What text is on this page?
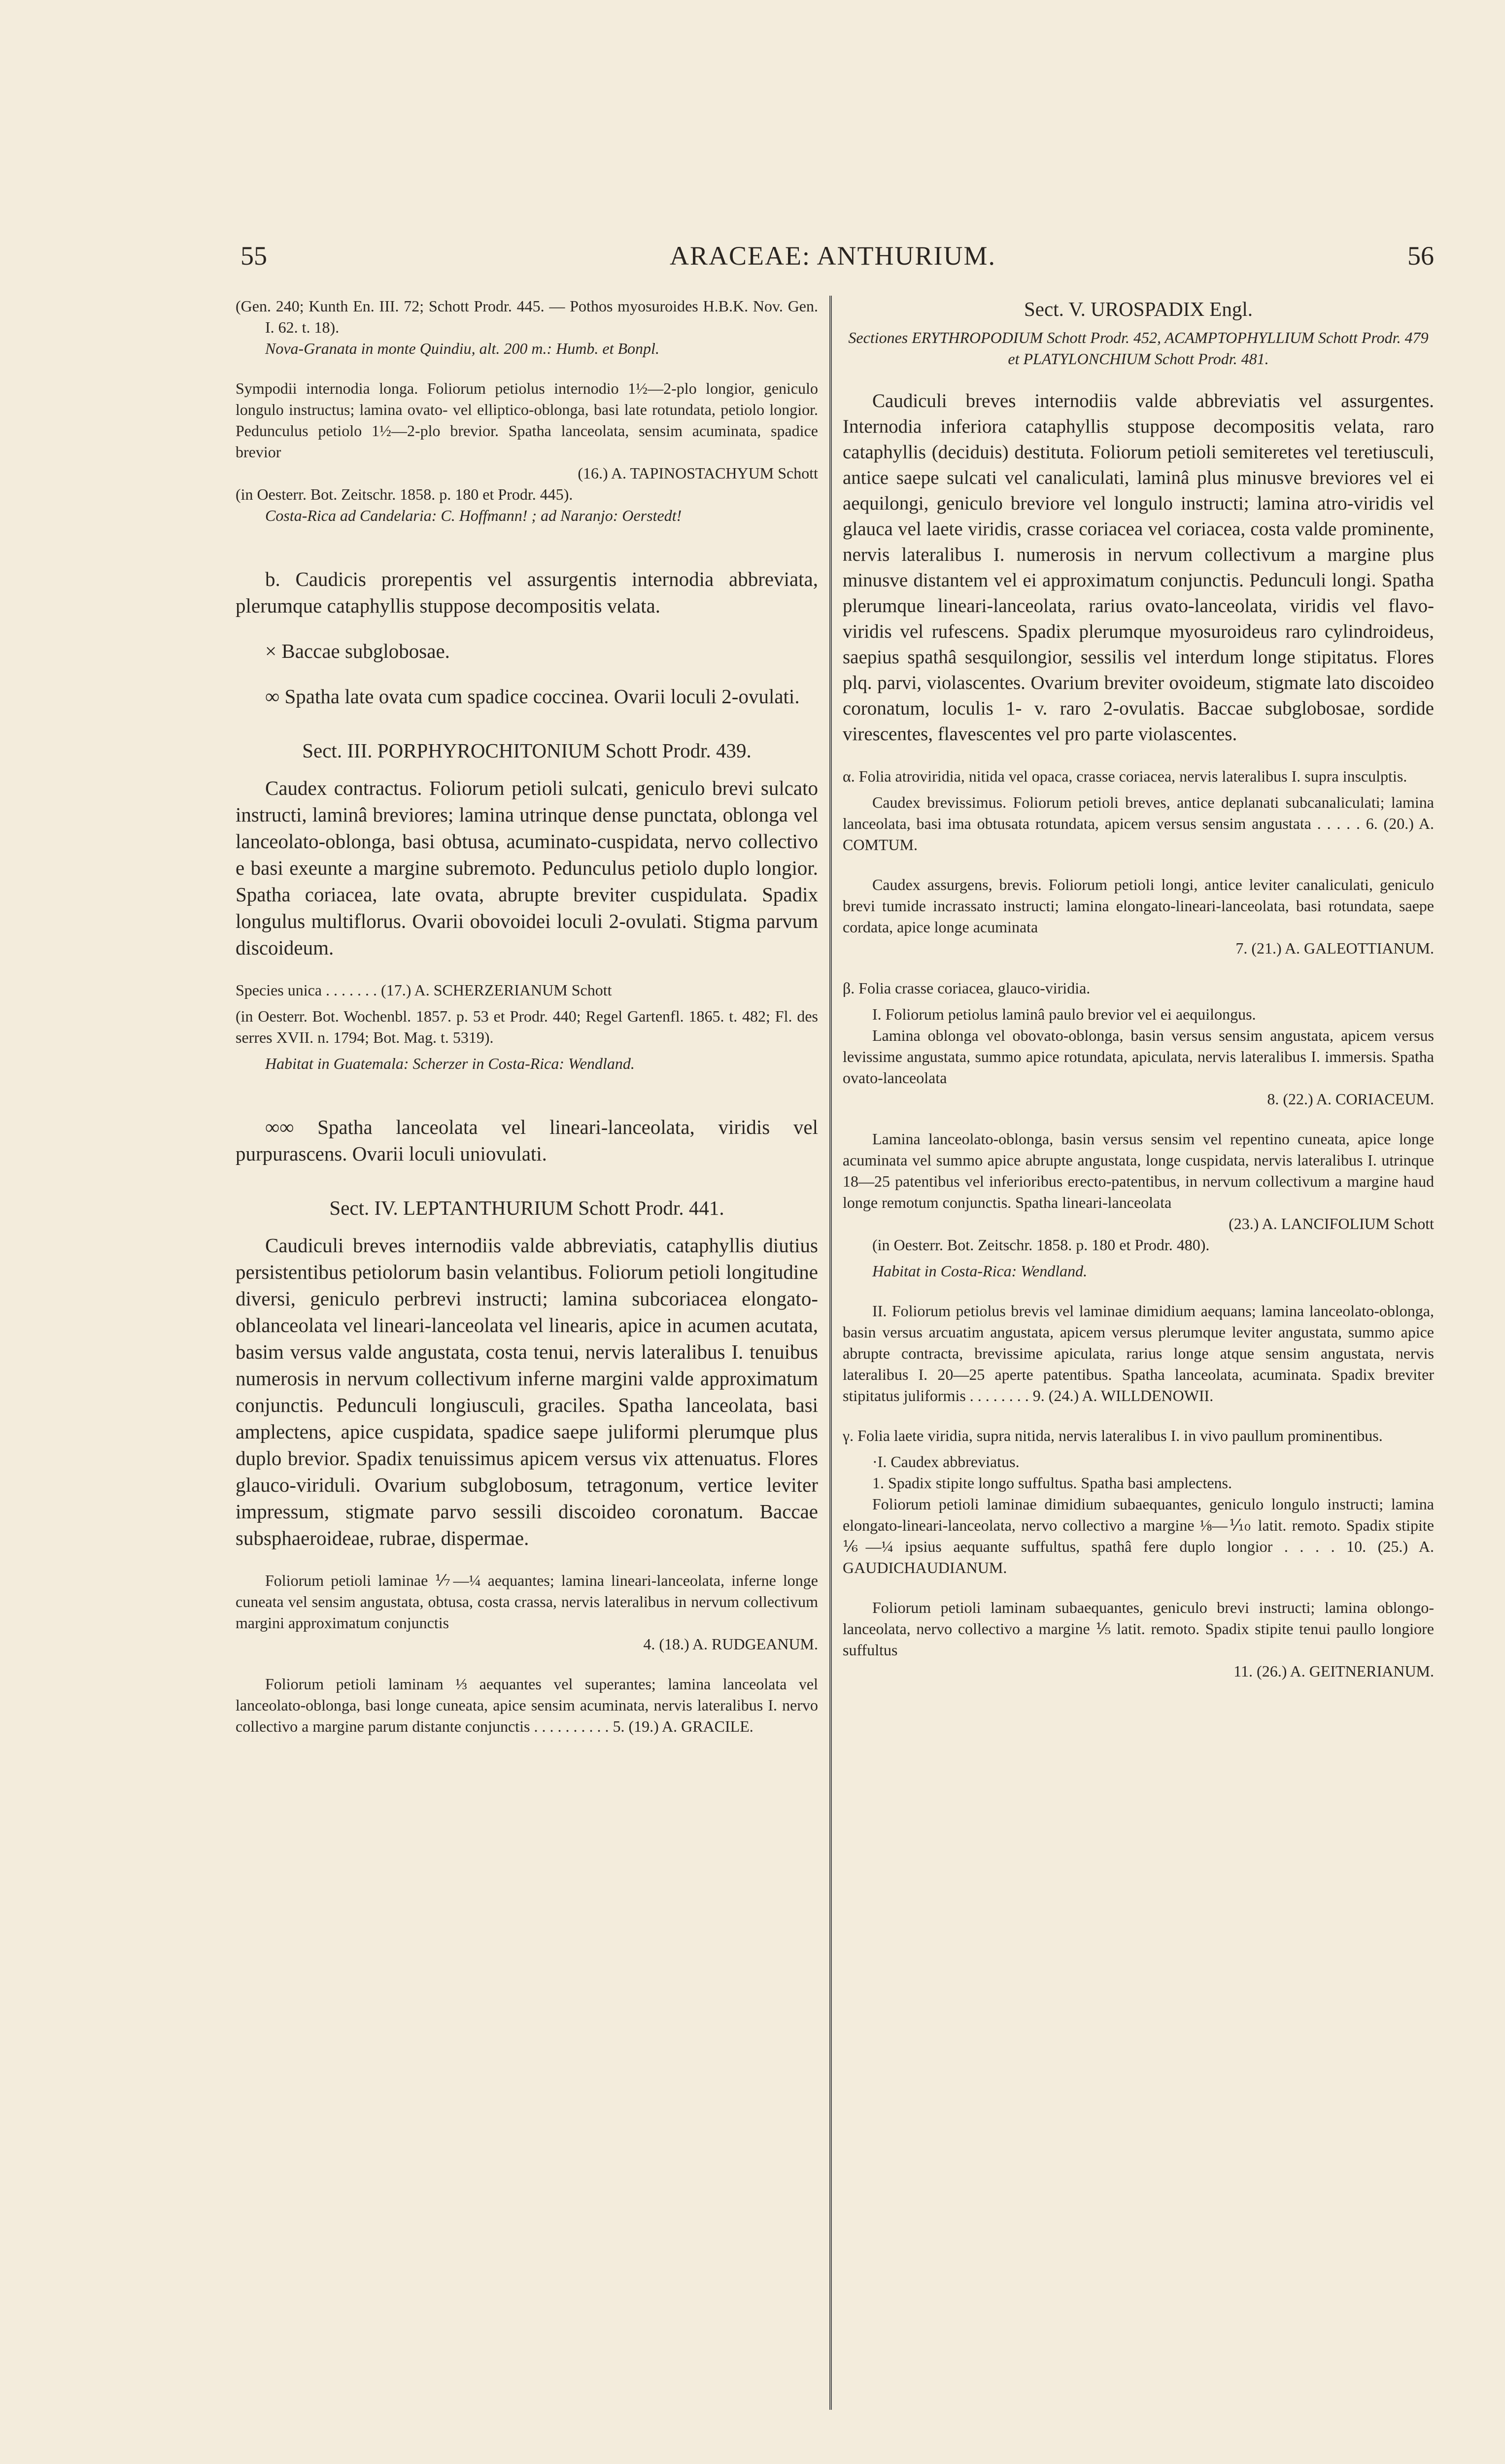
55	ARACEAE: ANTHURIUM.	56

(Gen. 240; Kunth En. III. 72; Schott Prodr. 445. — Pothos myosuroides H.B.K. Nov. Gen. I. 62. t. 18).

Nova-Granata in monte Quindiu, alt. 200 m.: Humb. et Bonpl.

Sympodii internodia longa. Foliorum petiolus internodio 1½—2-plo longior, geniculo longulo instructus; lamina ovato- vel elliptico-oblonga, basi late rotundata, petiolo longior. Pedunculus petiolo 1½—2-plo brevior. Spatha lanceolata, sensim acuminata, spadice brevior

(16.) A. TAPINOSTACHYUM Schott

(in Oesterr. Bot. Zeitschr. 1858. p. 180 et Prodr. 445).

Costa-Rica ad Candelaria: C. Hoffmann! ; ad Naranjo: Oerstedt!

b. Caudicis prorepentis vel assurgentis internodia abbreviata, plerumque cataphyllis stuppose decompositis velata.

× Baccae subglobosae.

∞ Spatha late ovata cum spadice coccinea. Ovarii loculi 2-ovulati.

Sect. III. PORPHYROCHITONIUM Schott Prodr. 439.

Caudex contractus. Foliorum petioli sulcati, geniculo brevi sulcato instructi, laminâ breviores; lamina utrinque dense punctata, oblonga vel lanceolato-oblonga, basi obtusa, acuminato-cuspidata, nervo collectivo e basi exeunte a margine subremoto. Pedunculus petiolo duplo longior. Spatha coriacea, late ovata, abrupte breviter cuspidulata. Spadix longulus multiflorus. Ovarii obovoidei loculi 2-ovulati. Stigma parvum discoideum.

Species unica . . . . . . . (17.) A. SCHERZERIANUM Schott

(in Oesterr. Bot. Wochenbl. 1857. p. 53 et Prodr. 440; Regel Gartenfl. 1865. t. 482; Fl. des serres XVII. n. 1794; Bot. Mag. t. 5319).

Habitat in Guatemala: Scherzer in Costa-Rica: Wendland.

∞∞ Spatha lanceolata vel lineari-lanceolata, viridis vel purpurascens. Ovarii loculi uniovulati.

Sect. IV. LEPTANTHURIUM Schott Prodr. 441.

Caudiculi breves internodiis valde abbreviatis, cataphyllis diutius persistentibus petiolorum basin velantibus. Foliorum petioli longitudine diversi, geniculo perbrevi instructi; lamina subcoriacea elongato-oblanceolata vel lineari-lanceolata vel linearis, apice in acumen acutata, basim versus valde angustata, costa tenui, nervis lateralibus I. tenuibus numerosis in nervum collectivum inferne margini valde approximatum conjunctis. Pedunculi longiusculi, graciles. Spatha lanceolata, basi amplectens, apice cuspidata, spadice saepe juliformi plerumque plus duplo brevior. Spadix tenuissimus apicem versus vix attenuatus. Flores glauco-viriduli. Ovarium subglobosum, tetragonum, vertice leviter impressum, stigmate parvo sessili discoideo coronatum. Baccae subsphaeroideae, rubrae, dispermae.

Foliorum petioli laminae ⅐—¼ aequantes; lamina lineari-lanceolata, inferne longe cuneata vel sensim angustata, obtusa, costa crassa, nervis lateralibus in nervum collectivum margini approximatum conjunctis

4. (18.) A. RUDGEANUM.

Foliorum petioli laminam ⅓ aequantes vel superantes; lamina lanceolata vel lanceolato-oblonga, basi longe cuneata, apice sensim acuminata, nervis lateralibus I. nervo collectivo a margine parum distante conjunctis . . . . . . . . . . 5. (19.) A. GRACILE.

Sect. V. UROSPADIX Engl.

Sectiones ERYTHROPODIUM Schott Prodr. 452, ACAMPTOPHYLLIUM Schott Prodr. 479 et PLATYLONCHIUM Schott Prodr. 481.

Caudiculi breves internodiis valde abbreviatis vel assurgentes. Internodia inferiora cataphyllis stuppose decompositis velata, raro cataphyllis (deciduis) destituta. Foliorum petioli semiteretes vel teretiusculi, antice saepe sulcati vel canaliculati, laminâ plus minusve breviores vel ei aequilongi, geniculo breviore vel longulo instructi; lamina atro-viridis vel glauca vel laete viridis, crasse coriacea vel coriacea, costa valde prominente, nervis lateralibus I. numerosis in nervum collectivum a margine plus minusve distantem vel ei approximatum conjunctis. Pedunculi longi. Spatha plerumque lineari-lanceolata, rarius ovato-lanceolata, viridis vel flavo-viridis vel rufescens. Spadix plerumque myosuroideus raro cylindroideus, saepius spathâ sesquilongior, sessilis vel interdum longe stipitatus. Flores plq. parvi, violascentes. Ovarium breviter ovoideum, stigmate lato discoideo coronatum, loculis 1- v. raro 2-ovulatis. Baccae subglobosae, sordide virescentes, flavescentes vel pro parte violascentes.

α. Folia atroviridia, nitida vel opaca, crasse coriacea, nervis lateralibus I. supra insculptis.

Caudex brevissimus. Foliorum petioli breves, antice deplanati subcanaliculati; lamina lanceolata, basi ima obtusata rotundata, apicem versus sensim angustata . . . . . 6. (20.) A. COMTUM.

Caudex assurgens, brevis. Foliorum petioli longi, antice leviter canaliculati, geniculo brevi tumide incrassato instructi; lamina elongato-lineari-lanceolata, basi rotundata, saepe cordata, apice longe acuminata

7. (21.) A. GALEOTTIANUM.

β. Folia crasse coriacea, glauco-viridia.

I. Foliorum petiolus laminâ paulo brevior vel ei aequilongus.

Lamina oblonga vel obovato-oblonga, basin versus sensim angustata, apicem versus levissime angustata, summo apice rotundata, apiculata, nervis lateralibus I. immersis. Spatha ovato-lanceolata

8. (22.) A. CORIACEUM.

Lamina lanceolato-oblonga, basin versus sensim vel repentino cuneata, apice longe acuminata vel summo apice abrupte angustata, longe cuspidata, nervis lateralibus I. utrinque 18—25 patentibus vel inferioribus erecto-patentibus, in nervum collectivum a margine haud longe remotum conjunctis. Spatha lineari-lanceolata

(23.) A. LANCIFOLIUM Schott

(in Oesterr. Bot. Zeitschr. 1858. p. 180 et Prodr. 480).

Habitat in Costa-Rica: Wendland.

II. Foliorum petiolus brevis vel laminae dimidium aequans; lamina lanceolato-oblonga, basin versus arcuatim angustata, apicem versus plerumque leviter angustata, summo apice abrupte contracta, brevissime apiculata, rarius longe atque sensim angustata, nervis lateralibus I. 20—25 aperte patentibus. Spatha lanceolata, acuminata. Spadix breviter stipitatus juliformis . . . . . . . . 9. (24.) A. WILLDENOWII.

γ. Folia laete viridia, supra nitida, nervis lateralibus I. in vivo paullum prominentibus.

·I. Caudex abbreviatus.

1. Spadix stipite longo suffultus. Spatha basi amplectens.

Foliorum petioli laminae dimidium subaequantes, geniculo longulo instructi; lamina elongato-lineari-lanceolata, nervo collectivo a margine ⅛—⅒ latit. remoto. Spadix stipite ⅙—¼ ipsius aequante suffultus, spathâ fere duplo longior . . . . 10. (25.) A. GAUDICHAUDIANUM.

Foliorum petioli laminam subaequantes, geniculo brevi instructi; lamina oblongo-lanceolata, nervo collectivo a margine ⅕ latit. remoto. Spadix stipite tenui paullo longiore suffultus

11. (26.) A. GEITNERIANUM.
